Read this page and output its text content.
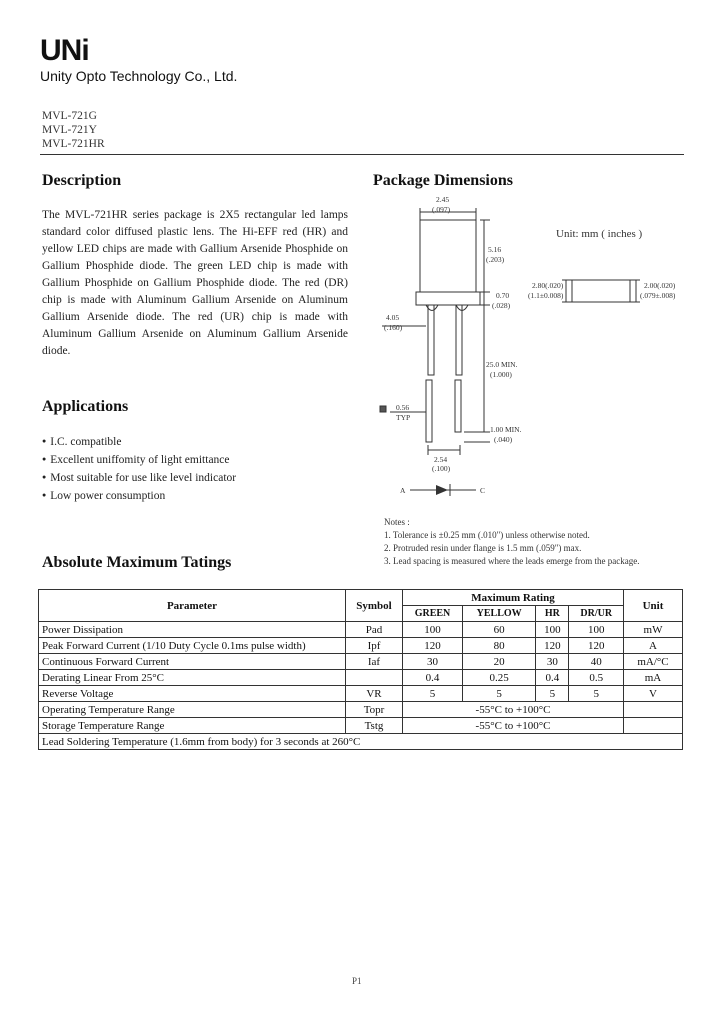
UNi
Unity Opto Technology Co., Ltd.
MVL-721G
MVL-721Y
MVL-721HR
Description
The MVL-721HR series package is 2X5 rectangular led lamps standard color diffused plastic lens. The Hi-EFF red (HR) and yellow LED chips are made with Gallium Arsenide Phosphide on Gallium Phosphide diode. The green LED chip is made with Gallium Phosphide on Gallium Phosphide diode. The red (DR) chip is made with Aluminum Gallium Arsenide on Aluminum Gallium Arsenide diode. The red (UR) chip is made with Aluminum Gallium Arsenide on Aluminum Gallium Arsenide diode.
Applications
● I.C. compatible
● Excellent uniffomity of light emittance
● Most suitable for use like level indicator
● Low power consumption
Package Dimensions
Unit: mm ( inches )
2.45
(.097)
5.16
(.203)
0.70
(.028)
4.05
(.160)
25.0 MIN.
(1.000)
0.56
TYP
1.00 MIN.
(.040)
2.54
(.100)
2.80(.020)
(1.1±0.008)
2.00(.020)
(.079±.008)
A	C
Notes :
1. Tolerance is ±0.25 mm (.010") unless otherwise noted.
2. Protruded resin under flange is 1.5 mm (.059") max.
3. Lead spacing is measured where the leads emerge from the package.
Absolute Maximum Tatings
Parameter	Symbol	Maximum Rating				Unit
		GREEN	YELLOW	HR	DR/UR	
Power Dissipation	Pad	100	60	100	100	mW
Peak Forward Current (1/10 Duty Cycle 0.1ms pulse width)	Ipf	120	80	120	120	A
Continuous Forward Current	Iaf	30	20	30	40	mA/°C
Derating Linear From 25°C		0.4	0.25	0.4	0.5	mA
Reverse Voltage	VR	5	5	5	5	V
Operating Temperature Range	Topr	-55°C to +100°C				
Storage Temperature Range	Tstg	-55°C to +100°C				
Lead Soldering Temperature (1.6mm from body) for 3 seconds at 260°C						
P1
